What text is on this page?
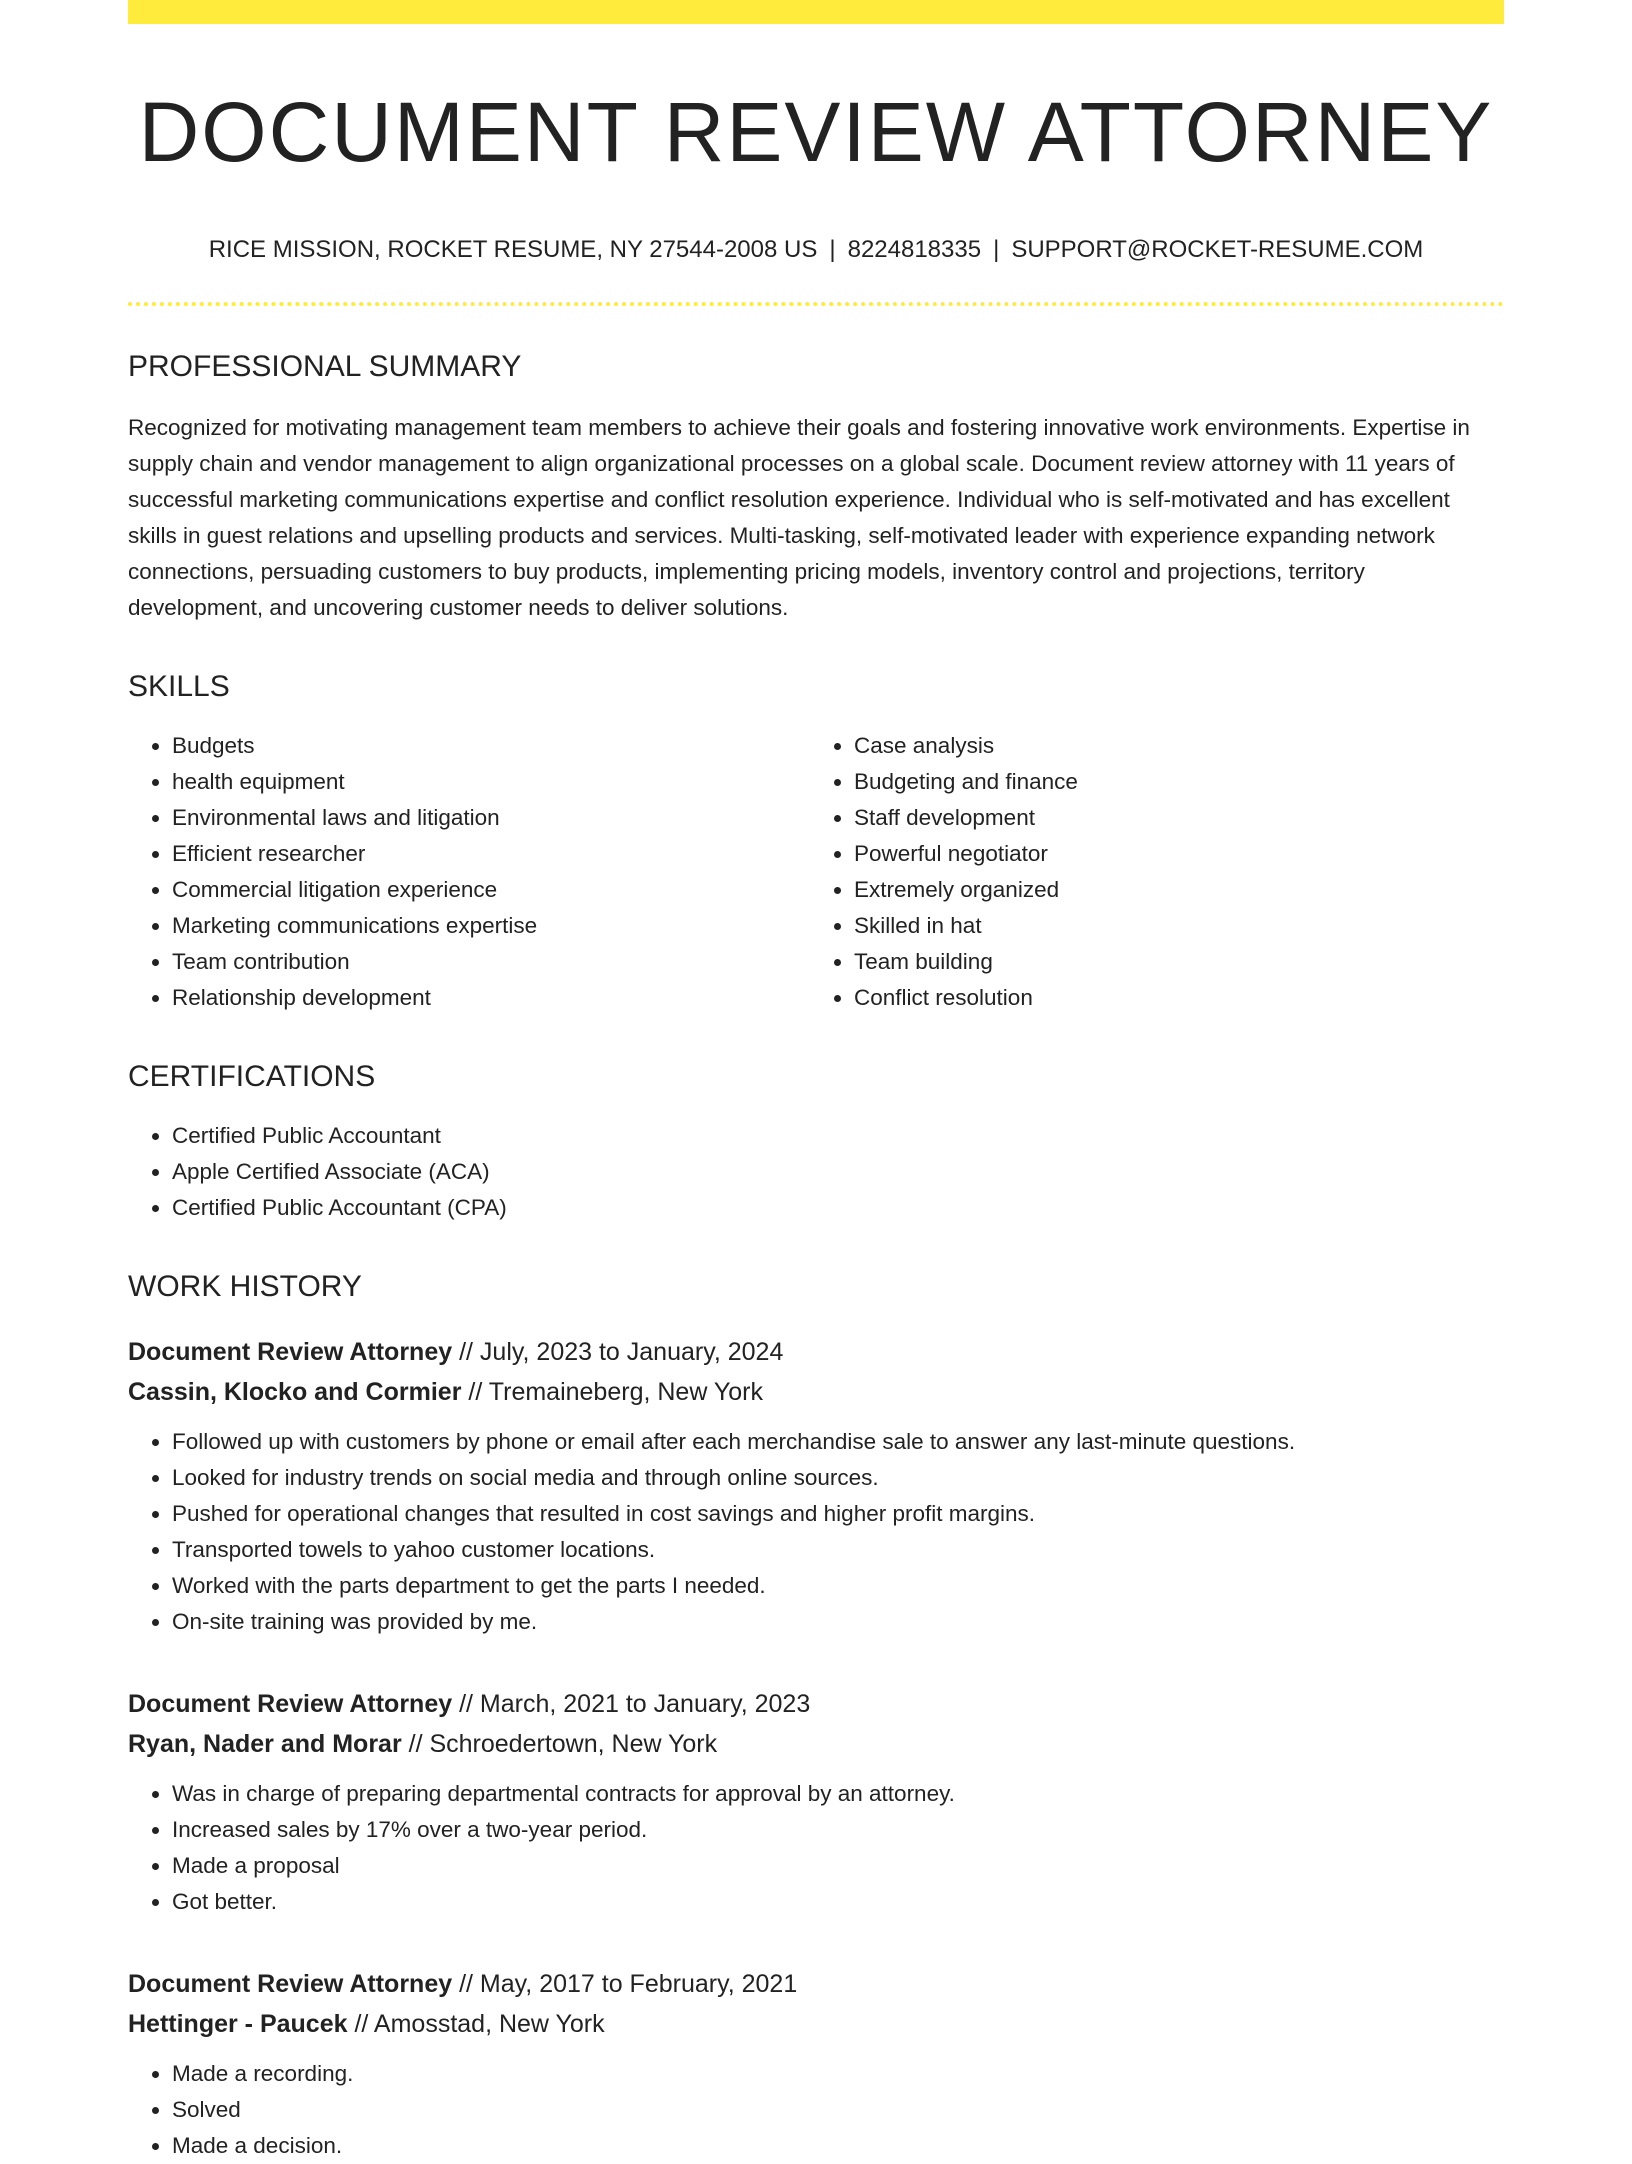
DOCUMENT REVIEW ATTORNEY
RICE MISSION, ROCKET RESUME, NY 27544-2008 US | 8224818335 | SUPPORT@ROCKET-RESUME.COM
PROFESSIONAL SUMMARY

Recognized for motivating management team members to achieve their goals and fostering innovative work environments. Expertise in supply chain and vendor management to align organizational processes on a global scale. Document review attorney with 11 years of successful marketing communications expertise and conflict resolution experience. Individual who is self-motivated and has excellent skills in guest relations and upselling products and services. Multi-tasking, self-motivated leader with experience expanding network connections, persuading customers to buy products, implementing pricing models, inventory control and projections, territory development, and uncovering customer needs to deliver solutions.

SKILLS
• Budgets
• health equipment
• Environmental laws and litigation
• Efficient researcher
• Commercial litigation experience
• Marketing communications expertise
• Team contribution
• Relationship development
• Case analysis
• Budgeting and finance
• Staff development
• Powerful negotiator
• Extremely organized
• Skilled in hat
• Team building
• Conflict resolution
CERTIFICATIONS
• Certified Public Accountant
• Apple Certified Associate (ACA)
• Certified Public Accountant (CPA)
WORK HISTORY
Document Review Attorney // July, 2023 to January, 2024
Cassin, Klocko and Cormier // Tremaineberg, New York
• Followed up with customers by phone or email after each merchandise sale to answer any last-minute questions.
• Looked for industry trends on social media and through online sources.
• Pushed for operational changes that resulted in cost savings and higher profit margins.
• Transported towels to yahoo customer locations.
• Worked with the parts department to get the parts I needed.
• On-site training was provided by me.
Document Review Attorney // March, 2021 to January, 2023
Ryan, Nader and Morar // Schroedertown, New York
• Was in charge of preparing departmental contracts for approval by an attorney.
• Increased sales by 17% over a two-year period.
• Made a proposal
• Got better.
Document Review Attorney // May, 2017 to February, 2021
Hettinger - Paucek // Amosstad, New York
• Made a recording.
• Solved
• Made a decision.
